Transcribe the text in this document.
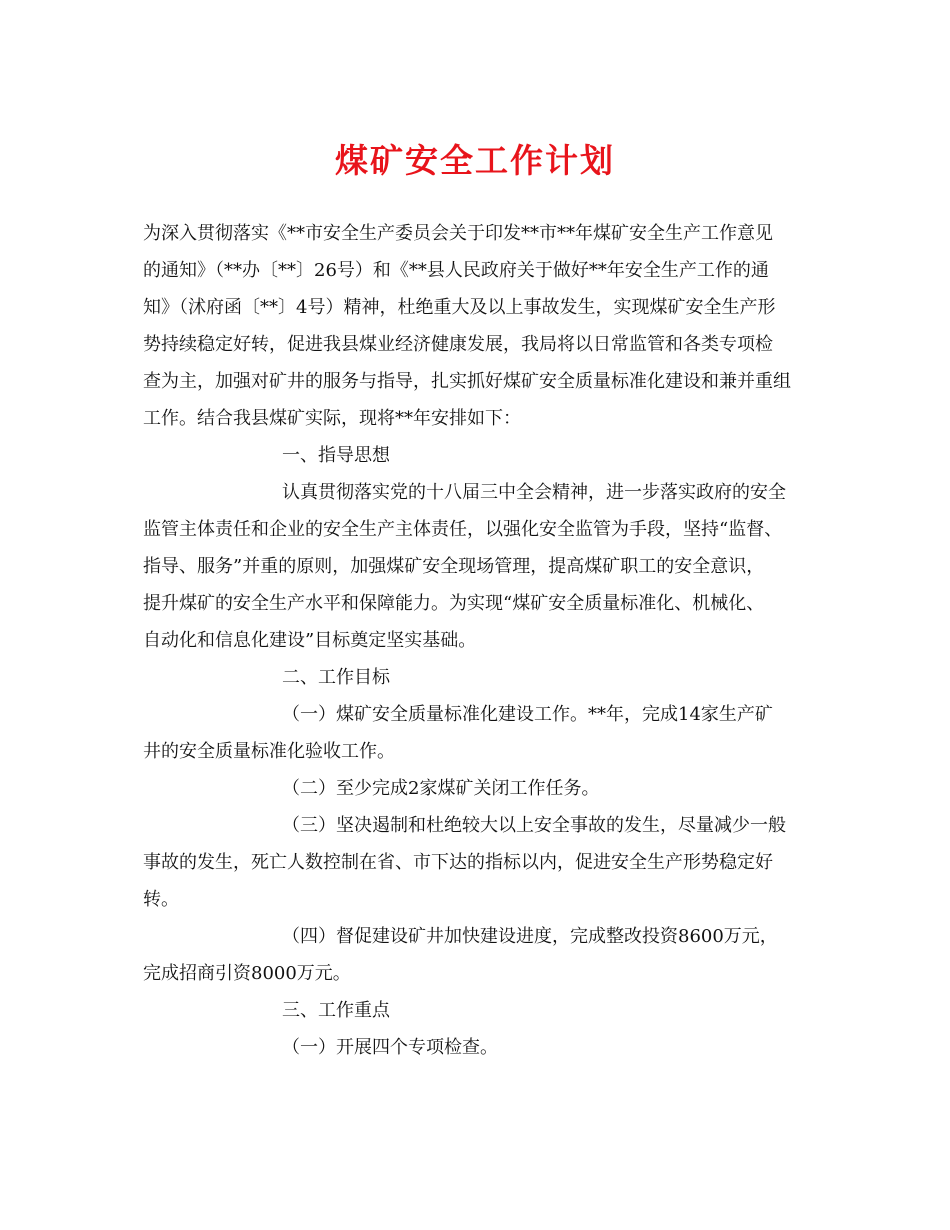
煤矿安全工作计划

为深入贯彻落实《**市安全生产委员会关于印发**市**年煤矿安全生产工作意见

的通知》（**办〔**〕26号）和《**县人民政府关于做好**年安全生产工作的通

知》（沭府函〔**〕4号）精神，杜绝重大及以上事故发生，实现煤矿安全生产形

势持续稳定好转，促进我县煤业经济健康发展，我局将以日常监管和各类专项检

查为主，加强对矿井的服务与指导，扎实抓好煤矿安全质量标准化建设和兼并重组

工作。结合我县煤矿实际，现将**年安排如下：

一、指导思想

认真贯彻落实党的十八届三中全会精神，进一步落实政府的安全

监管主体责任和企业的安全生产主体责任，以强化安全监管为手段，坚持“监督、

指导、服务”并重的原则，加强煤矿安全现场管理，提高煤矿职工的安全意识，

提升煤矿的安全生产水平和保障能力。为实现“煤矿安全质量标准化、机械化、

自动化和信息化建设”目标奠定坚实基础。

二、工作目标

（一）煤矿安全质量标准化建设工作。**年，完成14家生产矿

井的安全质量标准化验收工作。

（二）至少完成2家煤矿关闭工作任务。

（三）坚决遏制和杜绝较大以上安全事故的发生，尽量减少一般

事故的发生，死亡人数控制在省、市下达的指标以内，促进安全生产形势稳定好

转。

（四）督促建设矿井加快建设进度，完成整改投资8600万元，

完成招商引资8000万元。

三、工作重点

（一）开展四个专项检查。
